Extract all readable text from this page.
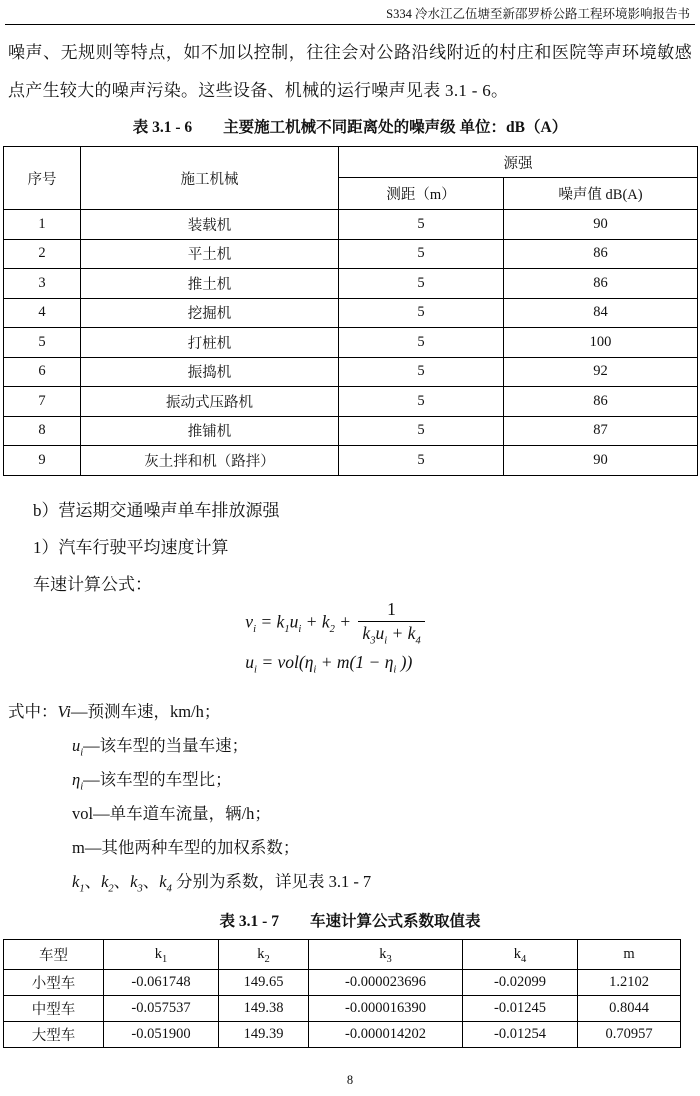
S334 冷水江乙伍塘至新邵罗桥公路工程环境影响报告书
噪声、无规则等特点，如不加以控制，往往会对公路沿线附近的村庄和医院等声环境敏感点产生较大的噪声污染。这些设备、机械的运行噪声见表 3.1 - 6。
表 3.1 - 6　　主要施工机械不同距离处的噪声级 单位：dB（A）
序号	施工机械	源强	
		测距（m）	噪声值 dB(A)
1	装载机	5	90
2	平土机	5	86
3	推土机	5	86
4	挖掘机	5	84
5	打桩机	5	100
6	振捣机	5	92
7	振动式压路机	5	86
8	推铺机	5	87
9	灰土拌和机（路拌）	5	90
b）营运期交通噪声单车排放源强
1）汽车行驶平均速度计算
车速计算公式：
$v_i = k_1u_i + k_2 + \frac{1}{k_3u_i + k_4}$
$u_i = vol(\eta_i + m(1 - \eta_i$ ))
式中：Vi—预测车速，km/h；
$u_i—$该车型的当量车速；
$\eta_i—$该车型的车型比；
vol—单车道车流量，辆/h；
m—其他两种车型的加权系数；
$k_1$、$k_2$、$k_3$、$k_4$ 分别为系数，详见表 3.1 - 7
表 3.1 - 7　　车速计算公式系数取值表
车型	$k_1$	$k_2$	$k_3$	$k_4$	m
小型车	-0.061748	149.65	-0.000023696	-0.02099	1.2102
中型车	-0.057537	149.38	-0.000016390	-0.01245	0.8044
大型车	-0.051900	149.39	-0.000014202	-0.01254	0.70957
8
